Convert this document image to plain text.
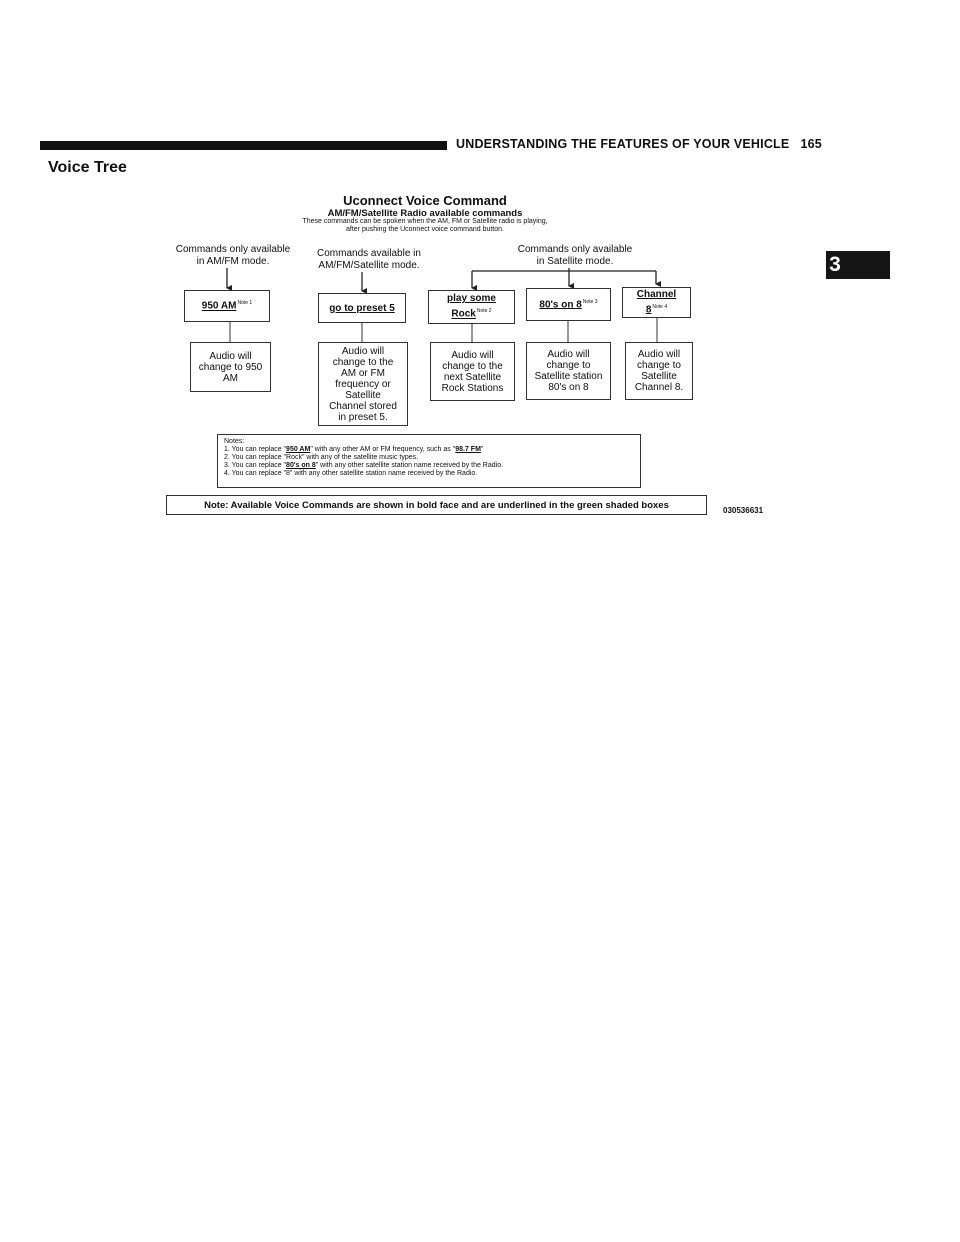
UNDERSTANDING THE FEATURES OF YOUR VEHICLE 165
Voice Tree
3
Uconnect Voice Command
AM/FM/Satellite Radio available commands
These commands can be spoken when the AM, FM or Satellite radio is playing,
after pushing the Uconnect voice command button.
Commands only available
in AM/FM mode.
Commands available in
AM/FM/Satellite mode.
Commands only available
in Satellite mode.
950 $AM^{Note 1}$	go to preset 5
play some Rock$^{Note 2}$
80's on $8^{Note 3}$
Channel $8^{Note 4}$
Audio will
change to 950
AM
Audio will
change to the
AM or FM
frequency or
Satellite
Channel stored
in preset 5.
Audio will
change to the
next Satellite
Rock Stations
Audio will
change to
Satellite station
80's on 8
Audio will
change to
Satellite
Channel 8.
Notes:
1. You can replace "950 AM" with any other AM or FM frequency, such as "98.7 FM"
2. You can replace "Rock" with any of the satellite music types.
3. You can replace "80's on 8" with any other satellite station name received by the Radio.
4. You can replace "8" with any other satellite station name received by the Radio.
Note: Available Voice Commands are shown in bold face and are underlined in the green shaded boxes	030536631
